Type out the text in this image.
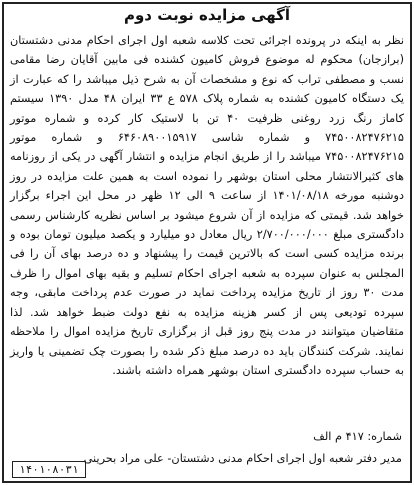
آگهی مزایده نوبت دوم
نظر به اینکه در پرونده اجرائی تحت کلاسه شعبه اول اجرای احکام مدنی دشتستان (برازجان) محکوم له موضوع فروش کامیون کشنده فی مابین آقایان رضا مقامی نسب و مصطفی تراب که نوع و مشخصات آن به شرح ذیل میباشد را که عبارت از یک دستگاه کامیون کشنده به شماره پلاک ۵۷۸ ع ۳۳ ایران ۴۸ مدل ۱۳۹۰ سیستم کاماز رنگ زرد روغنی ظرفیت ۴۰ تن با لاستیک کار کرده و شماره موتور ۷۴۵۰۰۸۲۴۷۶۲۱۵ و شماره شاسی ۶۴۶۰۸۹۰۰۱۵۹۱۷ و شماره موتور ۷۴۵۰۰۸۲۴۷۶۲۱۵ میباشد را از طریق انجام مزایده و انتشار آگهی در یکی از روزنامه های کثیرالانتشار محلی استان بوشهر را نموده است به همین علت مزایده در روز دوشنبه مورخه ۱۴۰۱/۰۸/۱۸ از ساعت ۹ الی ۱۲ ظهر در محل این اجراء برگزار خواهد شد. قیمتی که مزایده از آن شروع میشود بر اساس نظریه کارشناس رسمی دادگستری مبلغ ۲/۷۰۰/۰۰۰/۰۰۰ ریال معادل دو میلیارد و یکصد میلیون تومان بوده و برنده مزایده کسی است که بالاترین قیمت را پیشنهاد و ده درصد بهای آن را فی المجلس به عنوان سپرده به شعبه اجرای احکام تسلیم و بقیه بهای اموال را ظرف مدت ۳۰ روز از تاریخ مزایده پرداخت نماید در صورت عدم پرداخت مابقی، وجه سپرده تودیعی پس از کسر هزینه مزایده به نفع دولت ضبط خواهد شد. لذا متقاضیان میتوانند در مدت پنج روز قبل از برگزاری تاریخ مزایده اموال را ملاحظه نمایند. شرکت کنندگان باید ده درصد مبلغ ذکر شده را بصورت چک تضمینی یا واریز به حساب سپرده دادگستری استان بوشهر همراه داشته باشند.
شماره: ۴۱۷ م الف
مدیر دفتر شعبه اول اجرای احکام مدنی دشتستان- علی مراد بحرینی
۱۴۰۱۰۸۰۳۱
